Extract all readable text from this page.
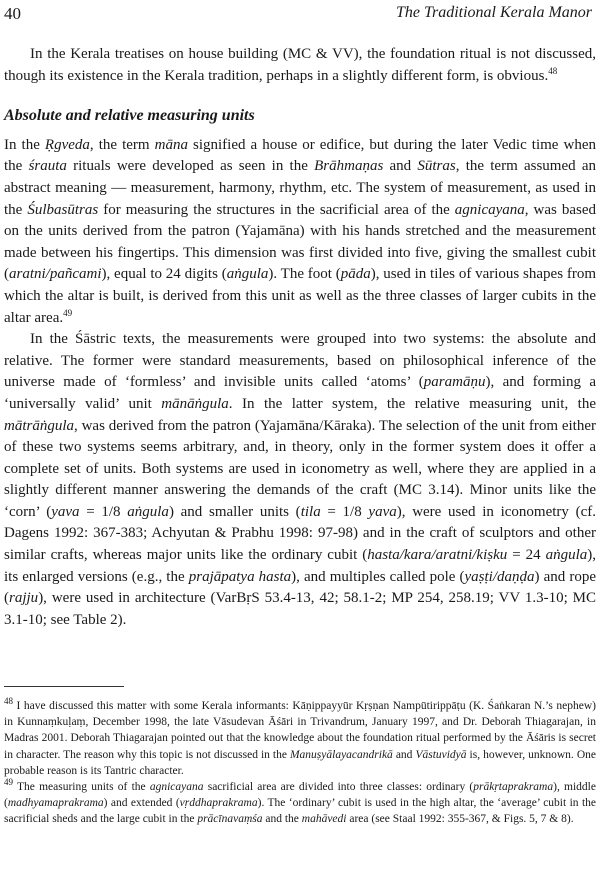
40	The Traditional Kerala Manor

In the Kerala treatises on house building (MC & VV), the foundation ritual is not discussed, though its existence in the Kerala tradition, perhaps in a slightly different form, is obvious.$^{48}$

Absolute and relative measuring units

In the Ṛgveda, the term māna signified a house or edifice, but during the later Vedic time when the śrauta rituals were developed as seen in the Brāhmaṇas and Sūtras, the term assumed an abstract meaning — measurement, harmony, rhythm, etc. The system of measurement, as used in the Śulbasūtras for measuring the structures in the sacrificial area of the agnicayana, was based on the units derived from the patron (Yajamāna) with his hands stretched and the measurement made between his fingertips. This dimension was first divided into five, giving the smallest cubit (aratni/pañcami), equal to 24 digits (aṅgula). The foot (pāda), used in tiles of various shapes from which the altar is built, is derived from this unit as well as the three classes of larger cubits in the altar area.$^{49}$

In the Śāstric texts, the measurements were grouped into two systems: the absolute and relative. The former were standard measurements, based on philosophical inference of the universe made of ‘formless’ and invisible units called ‘atoms’ (paramāṇu), and forming a ‘universally valid’ unit mānāṅgula. In the latter system, the relative measuring unit, the mātrāṅgula, was derived from the patron (Yajamāna/Kāraka). The selection of the unit from either of these two systems seems arbitrary, and, in theory, only in the former system does it offer a complete set of units. Both systems are used in iconometry as well, where they are applied in a slightly different manner answering the demands of the craft (MC 3.14). Minor units like the ‘corn’ (yava = 1/8 aṅgula) and smaller units (tila = 1/8 yava), were used in iconometry (cf. Dagens 1992: 367-383; Achyutan & Prabhu 1998: 97-98) and in the craft of sculptors and other similar crafts, whereas major units like the ordinary cubit (hasta/kara/aratni/kiṣku = 24 aṅgula), its enlarged versions (e.g., the prajāpatya hasta), and multiples called pole (yaṣṭi/daṇḍa) and rope (rajju), were used in architecture (VarBṛS 53.4-13, 42; 58.1-2; MP 254, 258.19; VV 1.3-10; MC 3.1-10; see Table 2).

$^{48}$ I have discussed this matter with some Kerala informants: Kāṇippayyūr Kṛṣṇan Nampūtirippāṭu (K. Śaṅkaran N.’s nephew) in Kunnaṃkuḷaṃ, December 1998, the late Vāsudevan Āśāri in Trivandrum, January 1997, and Dr. Deborah Thiagarajan, in Madras 2001. Deborah Thiagarajan pointed out that the knowledge about the foundation ritual performed by the Āśāris is secret in character. The reason why this topic is not discussed in the Manuṣyālayacandrikā and Vāstuvidyā is, however, unknown. One probable reason is its Tantric character.

$^{49}$ The measuring units of the agnicayana sacrificial area are divided into three classes: ordinary (prākṛtaprakrama), middle (madhyamaprakrama) and extended (vṛddhaprakrama). The ‘ordinary’ cubit is used in the high altar, the ‘average’ cubit in the sacrificial sheds and the large cubit in the prācīnavaṃśa and the mahāvedi area (see Staal 1992: 355-367, & Figs. 5, 7 & 8).
